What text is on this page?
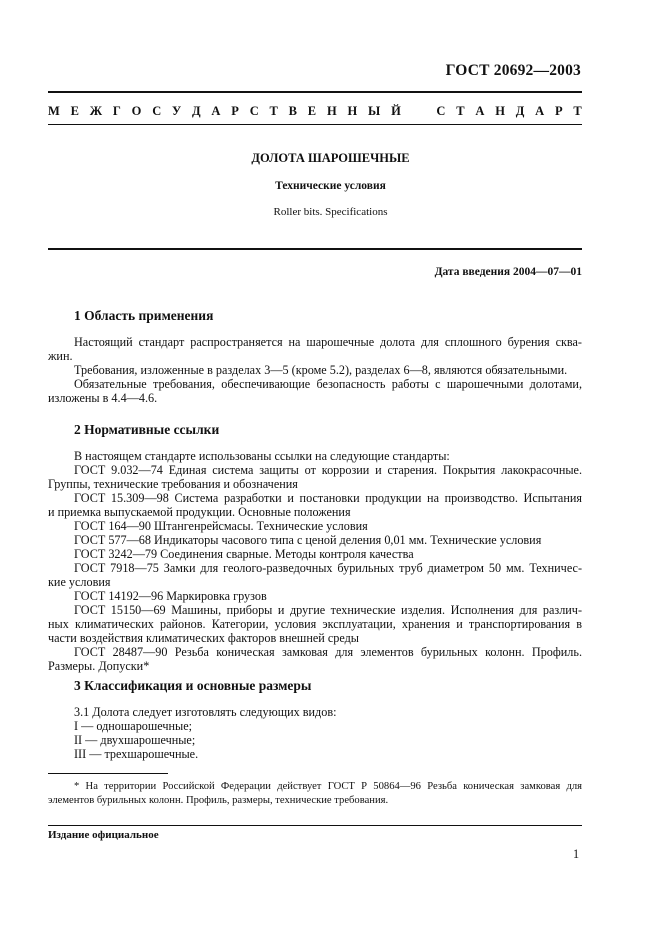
ГОСТ 20692—2003
М Е Ж Г О С У Д А Р С Т В Е Н Н Ы Й	С Т А Н Д А Р Т
ДОЛОТА ШАРОШЕЧНЫЕ
Технические условия
Roller bits. Specifications
Дата введения 2004—07—01
1 Область применения
Настоящий стандарт распространяется на шарошечные долота для сплошного бурения сква-
жин.
Требования, изложенные в разделах 3—5 (кроме 5.2), разделах 6—8, являются обязательными.
Обязательные требования, обеспечивающие безопасность работы с шарошечными долотами,
изложены в 4.4—4.6.
2 Нормативные ссылки
В настоящем стандарте использованы ссылки на следующие стандарты:
ГОСТ 9.032—74 Единая система защиты от коррозии и старения. Покрытия лакокрасочные.
Группы, технические требования и обозначения
ГОСТ 15.309—98 Система разработки и постановки продукции на производство. Испытания
и приемка выпускаемой продукции. Основные положения
ГОСТ 164—90 Штангенрейсмасы. Технические условия
ГОСТ 577—68 Индикаторы часового типа с ценой деления 0,01 мм. Технические условия
ГОСТ 3242—79 Соединения сварные. Методы контроля качества
ГОСТ 7918—75 Замки для геолого-разведочных бурильных труб диаметром 50 мм. Техничес-
кие условия
ГОСТ 14192—96 Маркировка грузов
ГОСТ 15150—69 Машины, приборы и другие технические изделия. Исполнения для различ-
ных климатических районов. Категории, условия эксплуатации, хранения и транспортирования в
части воздействия климатических факторов внешней среды
ГОСТ 28487—90 Резьба коническая замковая для элементов бурильных колонн. Профиль.
Размеры. Допуски*
3 Классификация и основные размеры
3.1 Долота следует изготовлять следующих видов:
I — одношарошечные;
II — двухшарошечные;
III — трехшарошечные.
* На территории Российской Федерации действует ГОСТ Р 50864—96 Резьба коническая замковая для
элементов бурильных колонн. Профиль, размеры, технические требования.
Издание официальное
1
